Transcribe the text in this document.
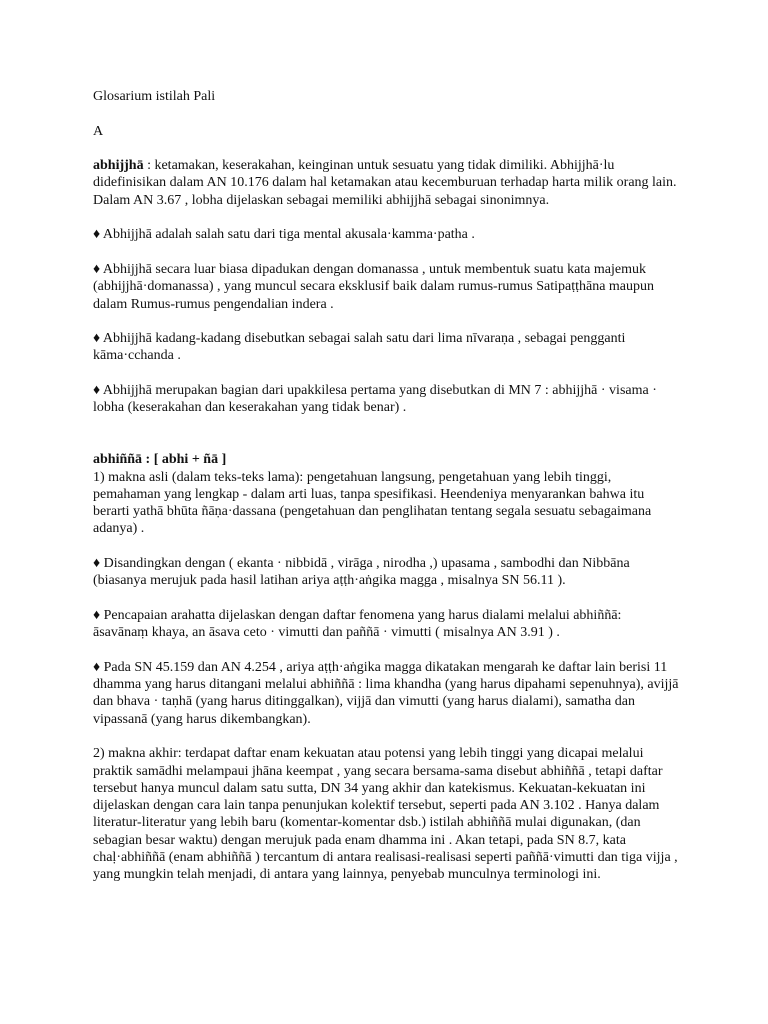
Glosarium istilah Pali

A

abhijjhā : ketamakan, keserakahan, keinginan untuk sesuatu yang tidak dimiliki. Abhijjhā·lu didefinisikan dalam AN 10.176 dalam hal ketamakan atau kecemburuan terhadap harta milik orang lain. Dalam AN 3.67 , lobha dijelaskan sebagai memiliki abhijjhā sebagai sinonimnya.

♦ Abhijjhā adalah salah satu dari tiga mental akusala·kamma·patha .

♦ Abhijjhā secara luar biasa dipadukan dengan domanassa , untuk membentuk suatu kata majemuk (abhijjhā·domanassa) , yang muncul secara eksklusif baik dalam rumus-rumus Satipaṭṭhāna maupun dalam Rumus-rumus pengendalian indera .

♦ Abhijjhā kadang-kadang disebutkan sebagai salah satu dari lima nīvaraṇa , sebagai pengganti kāma·cchanda .

♦ Abhijjhā merupakan bagian dari upakkilesa pertama yang disebutkan di MN 7 : abhijjhā · visama · lobha (keserakahan dan keserakahan yang tidak benar) .

abhiññā : [ abhi + ñā ]

1) makna asli (dalam teks-teks lama): pengetahuan langsung, pengetahuan yang lebih tinggi, pemahaman yang lengkap - dalam arti luas, tanpa spesifikasi. Heendeniya menyarankan bahwa itu berarti yathā bhūta ñāṇa·dassana (pengetahuan dan penglihatan tentang segala sesuatu sebagaimana adanya) .

♦ Disandingkan dengan ( ekanta · nibbidā , virāga , nirodha ,) upasama , sambodhi dan Nibbāna (biasanya merujuk pada hasil latihan ariya aṭṭh·aṅgika magga , misalnya SN 56.11 ).

♦ Pencapaian arahatta dijelaskan dengan daftar fenomena yang harus dialami melalui abhiññā: āsavānaṃ khaya, an āsava ceto · vimutti dan paññā · vimutti ( misalnya AN 3.91 ) .

♦ Pada SN 45.159 dan AN 4.254 , ariya aṭṭh·aṅgika magga dikatakan mengarah ke daftar lain berisi 11 dhamma yang harus ditangani melalui abhiññā : lima khandha (yang harus dipahami sepenuhnya), avijjā dan bhava · taṇhā (yang harus ditinggalkan), vijjā dan vimutti (yang harus dialami), samatha dan vipassanā (yang harus dikembangkan).

2) makna akhir: terdapat daftar enam kekuatan atau potensi yang lebih tinggi yang dicapai melalui praktik samādhi melampaui jhāna keempat , yang secara bersama-sama disebut abhiññā , tetapi daftar tersebut hanya muncul dalam satu sutta, DN 34 yang akhir dan katekismus. Kekuatan-kekuatan ini dijelaskan dengan cara lain tanpa penunjukan kolektif tersebut, seperti pada AN 3.102 . Hanya dalam literatur-literatur yang lebih baru (komentar-komentar dsb.) istilah abhiññā mulai digunakan, (dan sebagian besar waktu) dengan merujuk pada enam dhamma ini . Akan tetapi, pada SN 8.7, kata chaḷ·abhiññā (enam abhiññā ) tercantum di antara realisasi-realisasi seperti paññā·vimutti dan tiga vijja , yang mungkin telah menjadi, di antara yang lainnya, penyebab munculnya terminologi ini.
